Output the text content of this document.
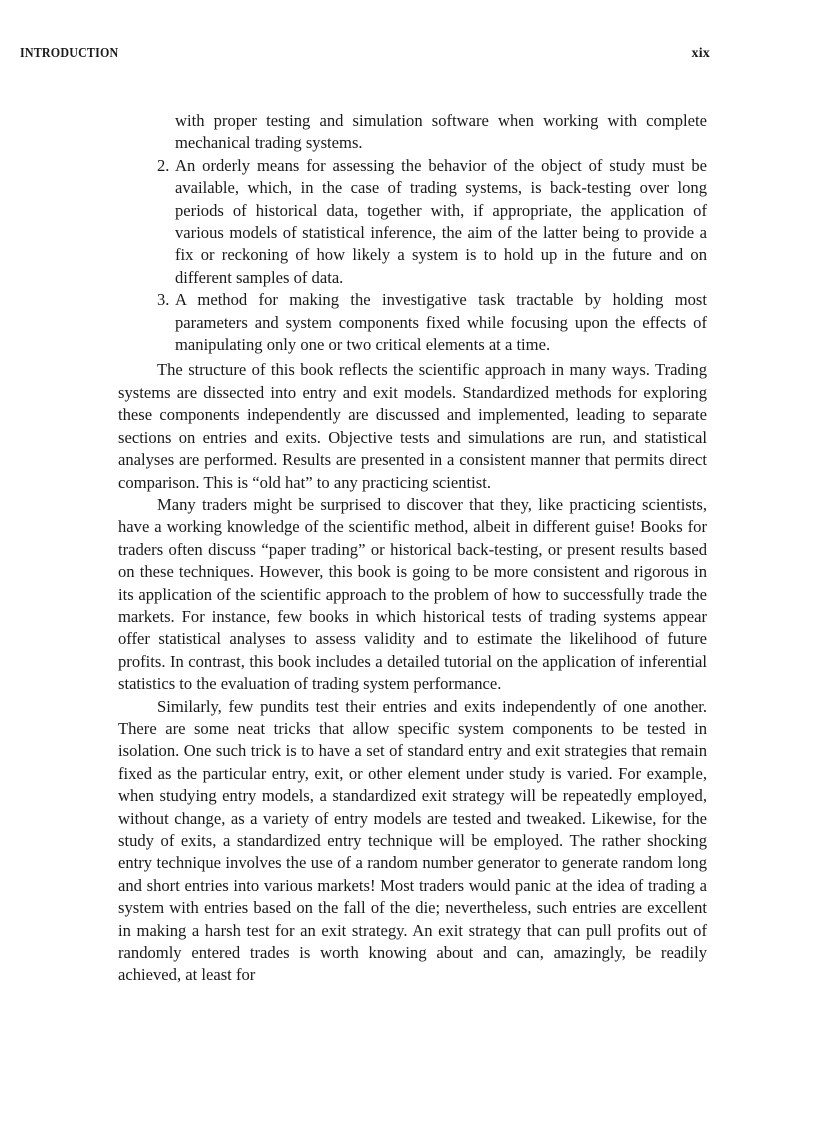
INTRODUCTION	xix

with proper testing and simulation software when working with complete mechanical trading systems.

2. An orderly means for assessing the behavior of the object of study must be available, which, in the case of trading systems, is back-testing over long periods of historical data, together with, if appropriate, the application of various models of statistical inference, the aim of the latter being to provide a fix or reckoning of how likely a system is to hold up in the future and on different samples of data.
3. A method for making the investigative task tractable by holding most parameters and system components fixed while focusing upon the effects of manipulating only one or two critical elements at a time.

The structure of this book reflects the scientific approach in many ways. Trading systems are dissected into entry and exit models. Standardized methods for exploring these components independently are discussed and implemented, leading to separate sections on entries and exits. Objective tests and simulations are run, and statistical analyses are performed. Results are presented in a consistent manner that permits direct comparison. This is “old hat” to any practicing scientist.

Many traders might be surprised to discover that they, like practicing scientists, have a working knowledge of the scientific method, albeit in different guise! Books for traders often discuss “paper trading” or historical back-testing, or present results based on these techniques. However, this book is going to be more consistent and rigorous in its application of the scientific approach to the problem of how to successfully trade the markets. For instance, few books in which historical tests of trading systems appear offer statistical analyses to assess validity and to estimate the likelihood of future profits. In contrast, this book includes a detailed tutorial on the application of inferential statistics to the evaluation of trading system performance.

Similarly, few pundits test their entries and exits independently of one another. There are some neat tricks that allow specific system components to be tested in isolation. One such trick is to have a set of standard entry and exit strategies that remain fixed as the particular entry, exit, or other element under study is varied. For example, when studying entry models, a standardized exit strategy will be repeatedly employed, without change, as a variety of entry models are tested and tweaked. Likewise, for the study of exits, a standardized entry technique will be employed. The rather shocking entry technique involves the use of a random number generator to generate random long and short entries into various markets! Most traders would panic at the idea of trading a system with entries based on the fall of the die; nevertheless, such entries are excellent in making a harsh test for an exit strategy. An exit strategy that can pull profits out of randomly entered trades is worth knowing about and can, amazingly, be readily achieved, at least for
